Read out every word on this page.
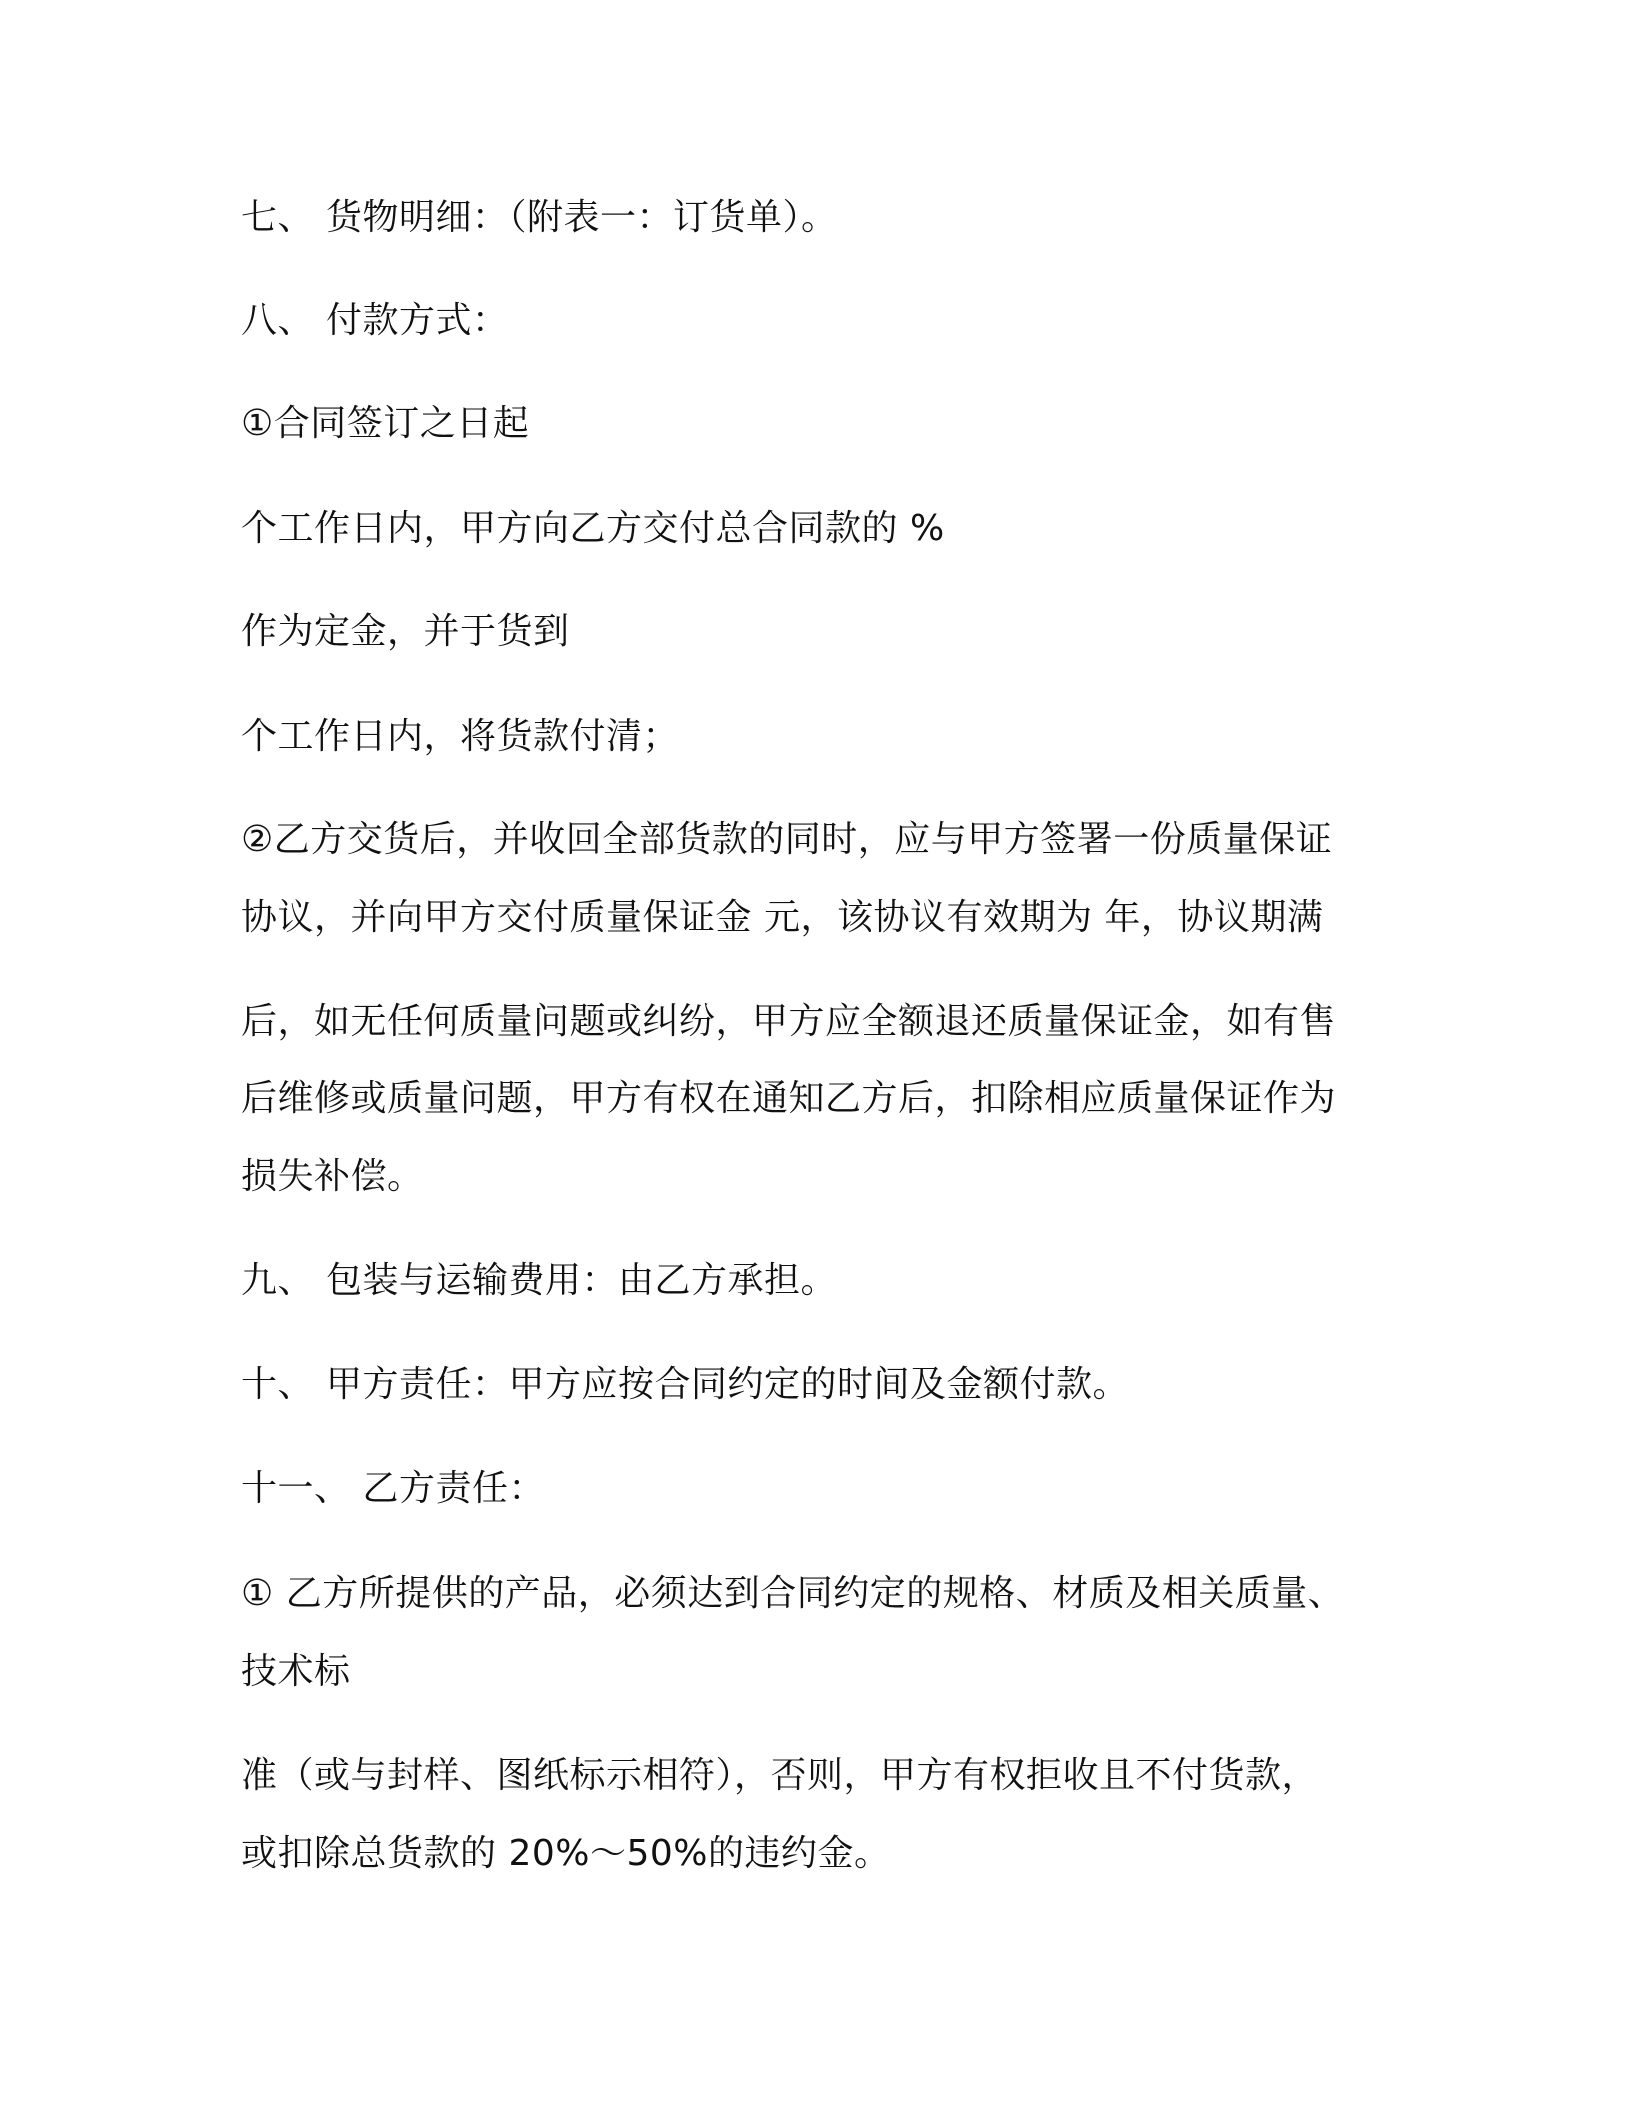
七、 货物明细：（附表一：订货单）。
八、 付款方式：
①合同签订之日起
个工作日内，甲方向乙方交付总合同款的 %
作为定金，并于货到
个工作日内，将货款付清；
②乙方交货后，并收回全部货款的同时，应与甲方签署一份质量保证
协议，并向甲方交付质量保证金 元，该协议有效期为 年，协议期满
后，如无任何质量问题或纠纷，甲方应全额退还质量保证金，如有售
后维修或质量问题，甲方有权在通知乙方后，扣除相应质量保证作为
损失补偿。
九、 包装与运输费用：由乙方承担。
十、 甲方责任：甲方应按合同约定的时间及金额付款。
十一、 乙方责任：
① 乙方所提供的产品，必须达到合同约定的规格、材质及相关质量、
技术标
准（或与封样、图纸标示相符），否则，甲方有权拒收且不付货款，
或扣除总货款的 20%～50%的违约金。
